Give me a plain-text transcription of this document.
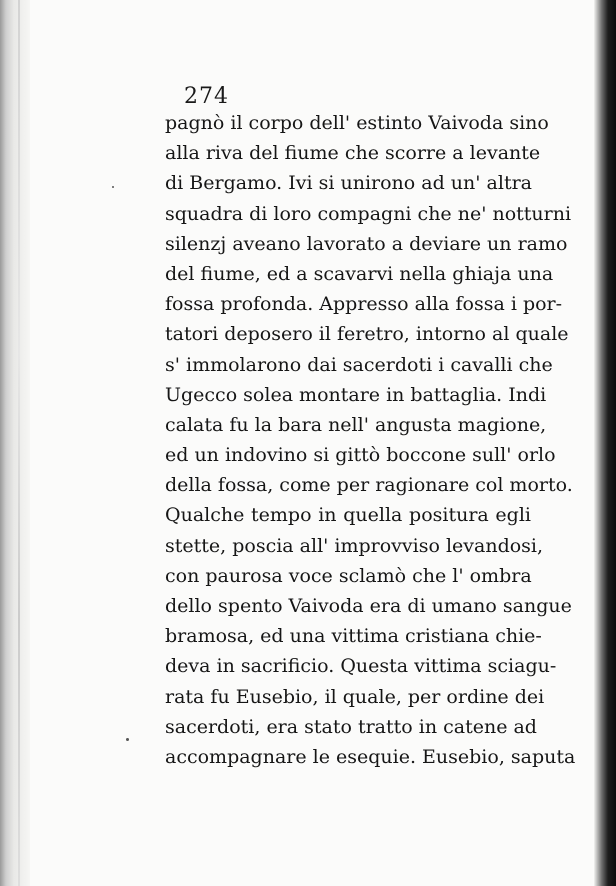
274
pagnò il corpo dell' estinto Vaivoda sino
alla riva del fiume che scorre a levante
di Bergamo. Ivi si unirono ad un' altra
squadra di loro compagni che ne' notturni
silenzj aveano lavorato a deviare un ramo
del fiume, ed a scavarvi nella ghiaja una
fossa profonda. Appresso alla fossa i por-
tatori deposero il feretro, intorno al quale
s' immolarono dai sacerdoti i cavalli che
Ugecco solea montare in battaglia. Indi
calata fu la bara nell' angusta magione,
ed un indovino si gittò boccone sull' orlo
della fossa, come per ragionare col morto.
Qualche tempo in quella positura egli
stette, poscia all' improvviso levandosi,
con paurosa voce sclamò che l' ombra
dello spento Vaivoda era di umano sangue
bramosa, ed una vittima cristiana chie-
deva in sacrificio. Questa vittima sciagu-
rata fu Eusebio, il quale, per ordine dei
sacerdoti, era stato tratto in catene ad
accompagnare le esequie. Eusebio, saputa
